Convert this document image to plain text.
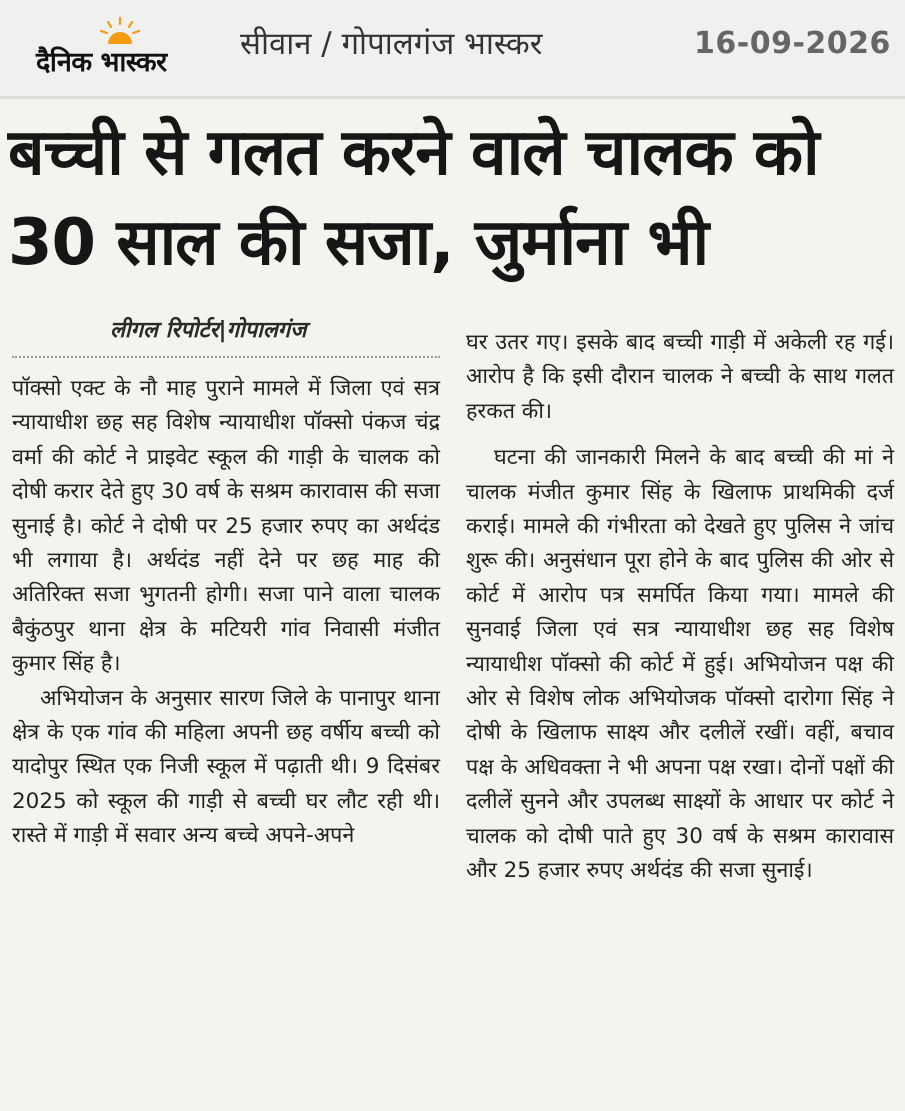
दैनिक भास्कर
सीवान / गोपालगंज भास्कर	16-09-2026
बच्ची से गलत करने वाले चालक को 30 साल की सजा, जुर्माना भी
लीगल रिपोर्टर|गोपालगंज

पॉक्सो एक्ट के नौ माह पुराने मामले में जिला एवं सत्र न्यायाधीश छह सह विशेष न्यायाधीश पॉक्सो पंकज चंद्र वर्मा की कोर्ट ने प्राइवेट स्कूल की गाड़ी के चालक को दोषी करार देते हुए 30 वर्ष के सश्रम कारावास की सजा सुनाई है। कोर्ट ने दोषी पर 25 हजार रुपए का अर्थदंड भी लगाया है। अर्थदंड नहीं देने पर छह माह की अतिरिक्त सजा भुगतनी होगी। सजा पाने वाला चालक बैकुंठपुर थाना क्षेत्र के मटियरी गांव निवासी मंजीत कुमार सिंह है।

अभियोजन के अनुसार सारण जिले के पानापुर थाना क्षेत्र के एक गांव की महिला अपनी छह वर्षीय बच्ची को यादोपुर स्थित एक निजी स्कूल में पढ़ाती थी। 9 दिसंबर 2025 को स्कूल की गाड़ी से बच्ची घर लौट रही थी। रास्ते में गाड़ी में सवार अन्य बच्चे अपने-अपने

घर उतर गए। इसके बाद बच्ची गाड़ी में अकेली रह गई। आरोप है कि इसी दौरान चालक ने बच्ची के साथ गलत हरकत की।

घटना की जानकारी मिलने के बाद बच्ची की मां ने चालक मंजीत कुमार सिंह के खिलाफ प्राथमिकी दर्ज कराई। मामले की गंभीरता को देखते हुए पुलिस ने जांच शुरू की। अनुसंधान पूरा होने के बाद पुलिस की ओर से कोर्ट में आरोप पत्र समर्पित किया गया। मामले की सुनवाई जिला एवं सत्र न्यायाधीश छह सह विशेष न्यायाधीश पॉक्सो की कोर्ट में हुई। अभियोजन पक्ष की ओर से विशेष लोक अभियोजक पॉक्सो दारोगा सिंह ने दोषी के खिलाफ साक्ष्य और दलीलें रखीं। वहीं, बचाव पक्ष के अधिवक्ता ने भी अपना पक्ष रखा। दोनों पक्षों की दलीलें सुनने और उपलब्ध साक्ष्यों के आधार पर कोर्ट ने चालक को दोषी पाते हुए 30 वर्ष के सश्रम कारावास और 25 हजार रुपए अर्थदंड की सजा सुनाई।
